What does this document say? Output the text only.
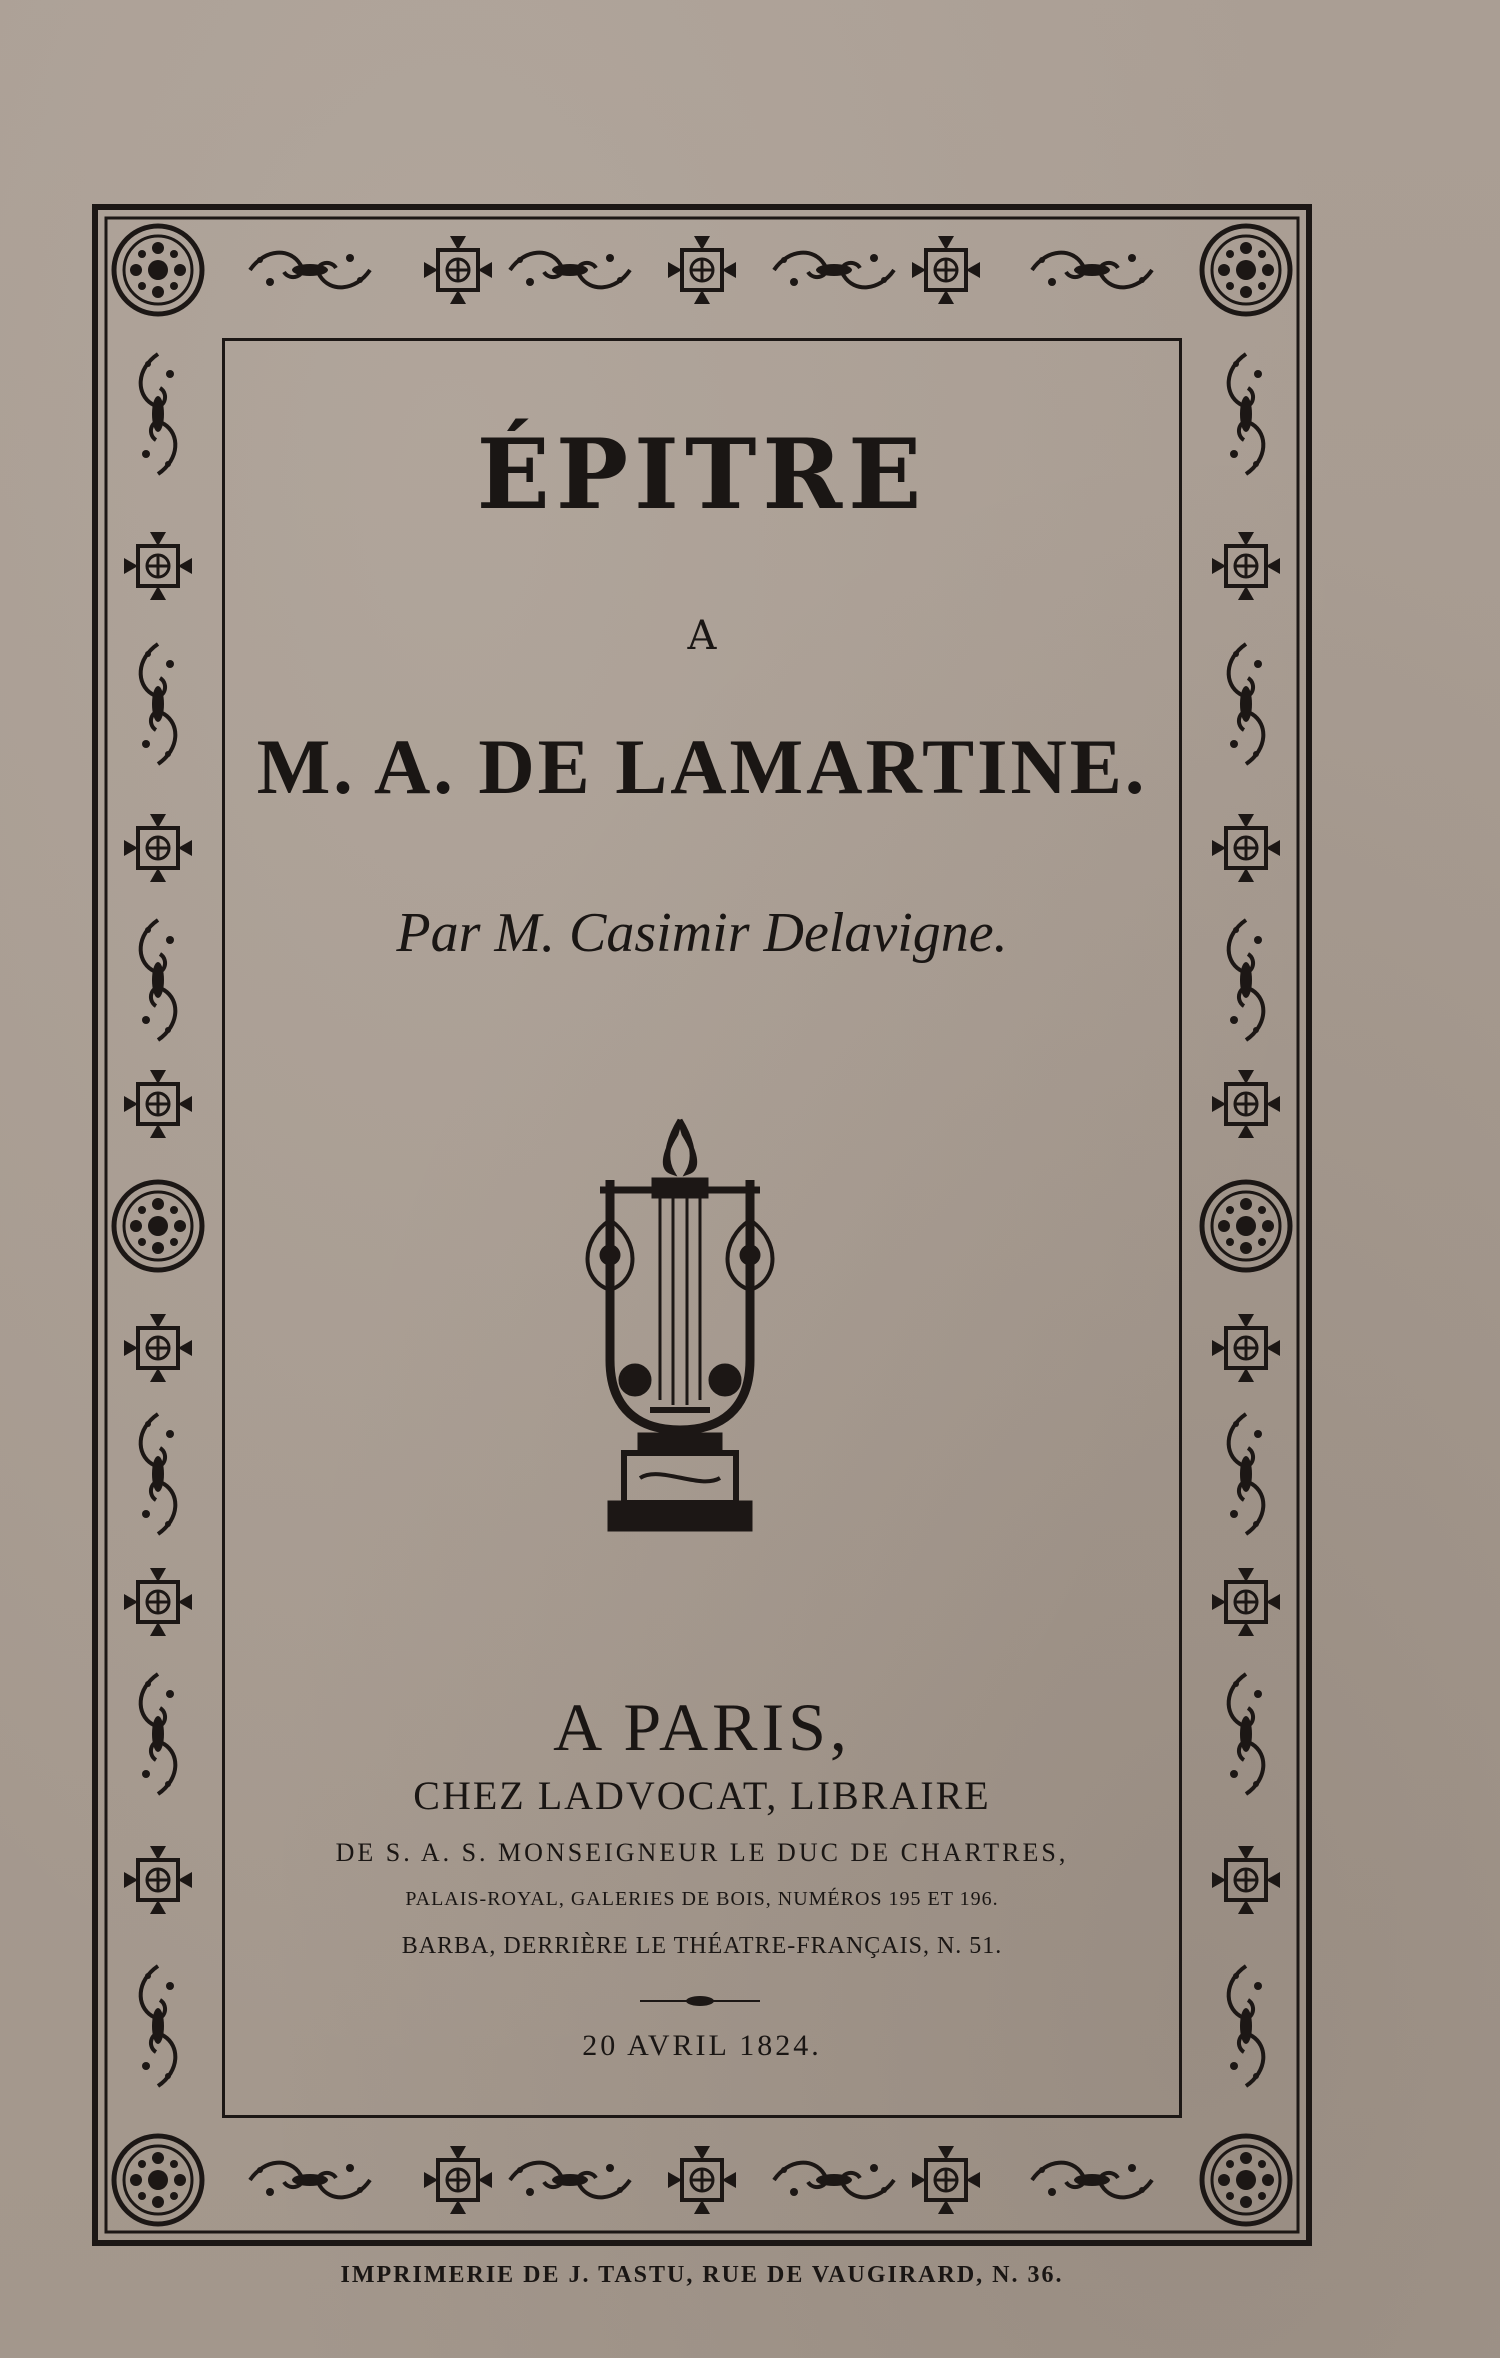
ÉPITRE
A
M. A. DE LAMARTINE.
Par M. Casimir Delavigne.
A PARIS,
CHEZ LADVOCAT, LIBRAIRE
DE S. A. S. MONSEIGNEUR LE DUC DE CHARTRES,
PALAIS-ROYAL, GALERIES DE BOIS, NUMÉROS 195 ET 196.
BARBA, DERRIÈRE LE THÉATRE-FRANÇAIS, N. 51.
20 AVRIL 1824.
IMPRIMERIE DE J. TASTU, RUE DE VAUGIRARD, N. 36.
